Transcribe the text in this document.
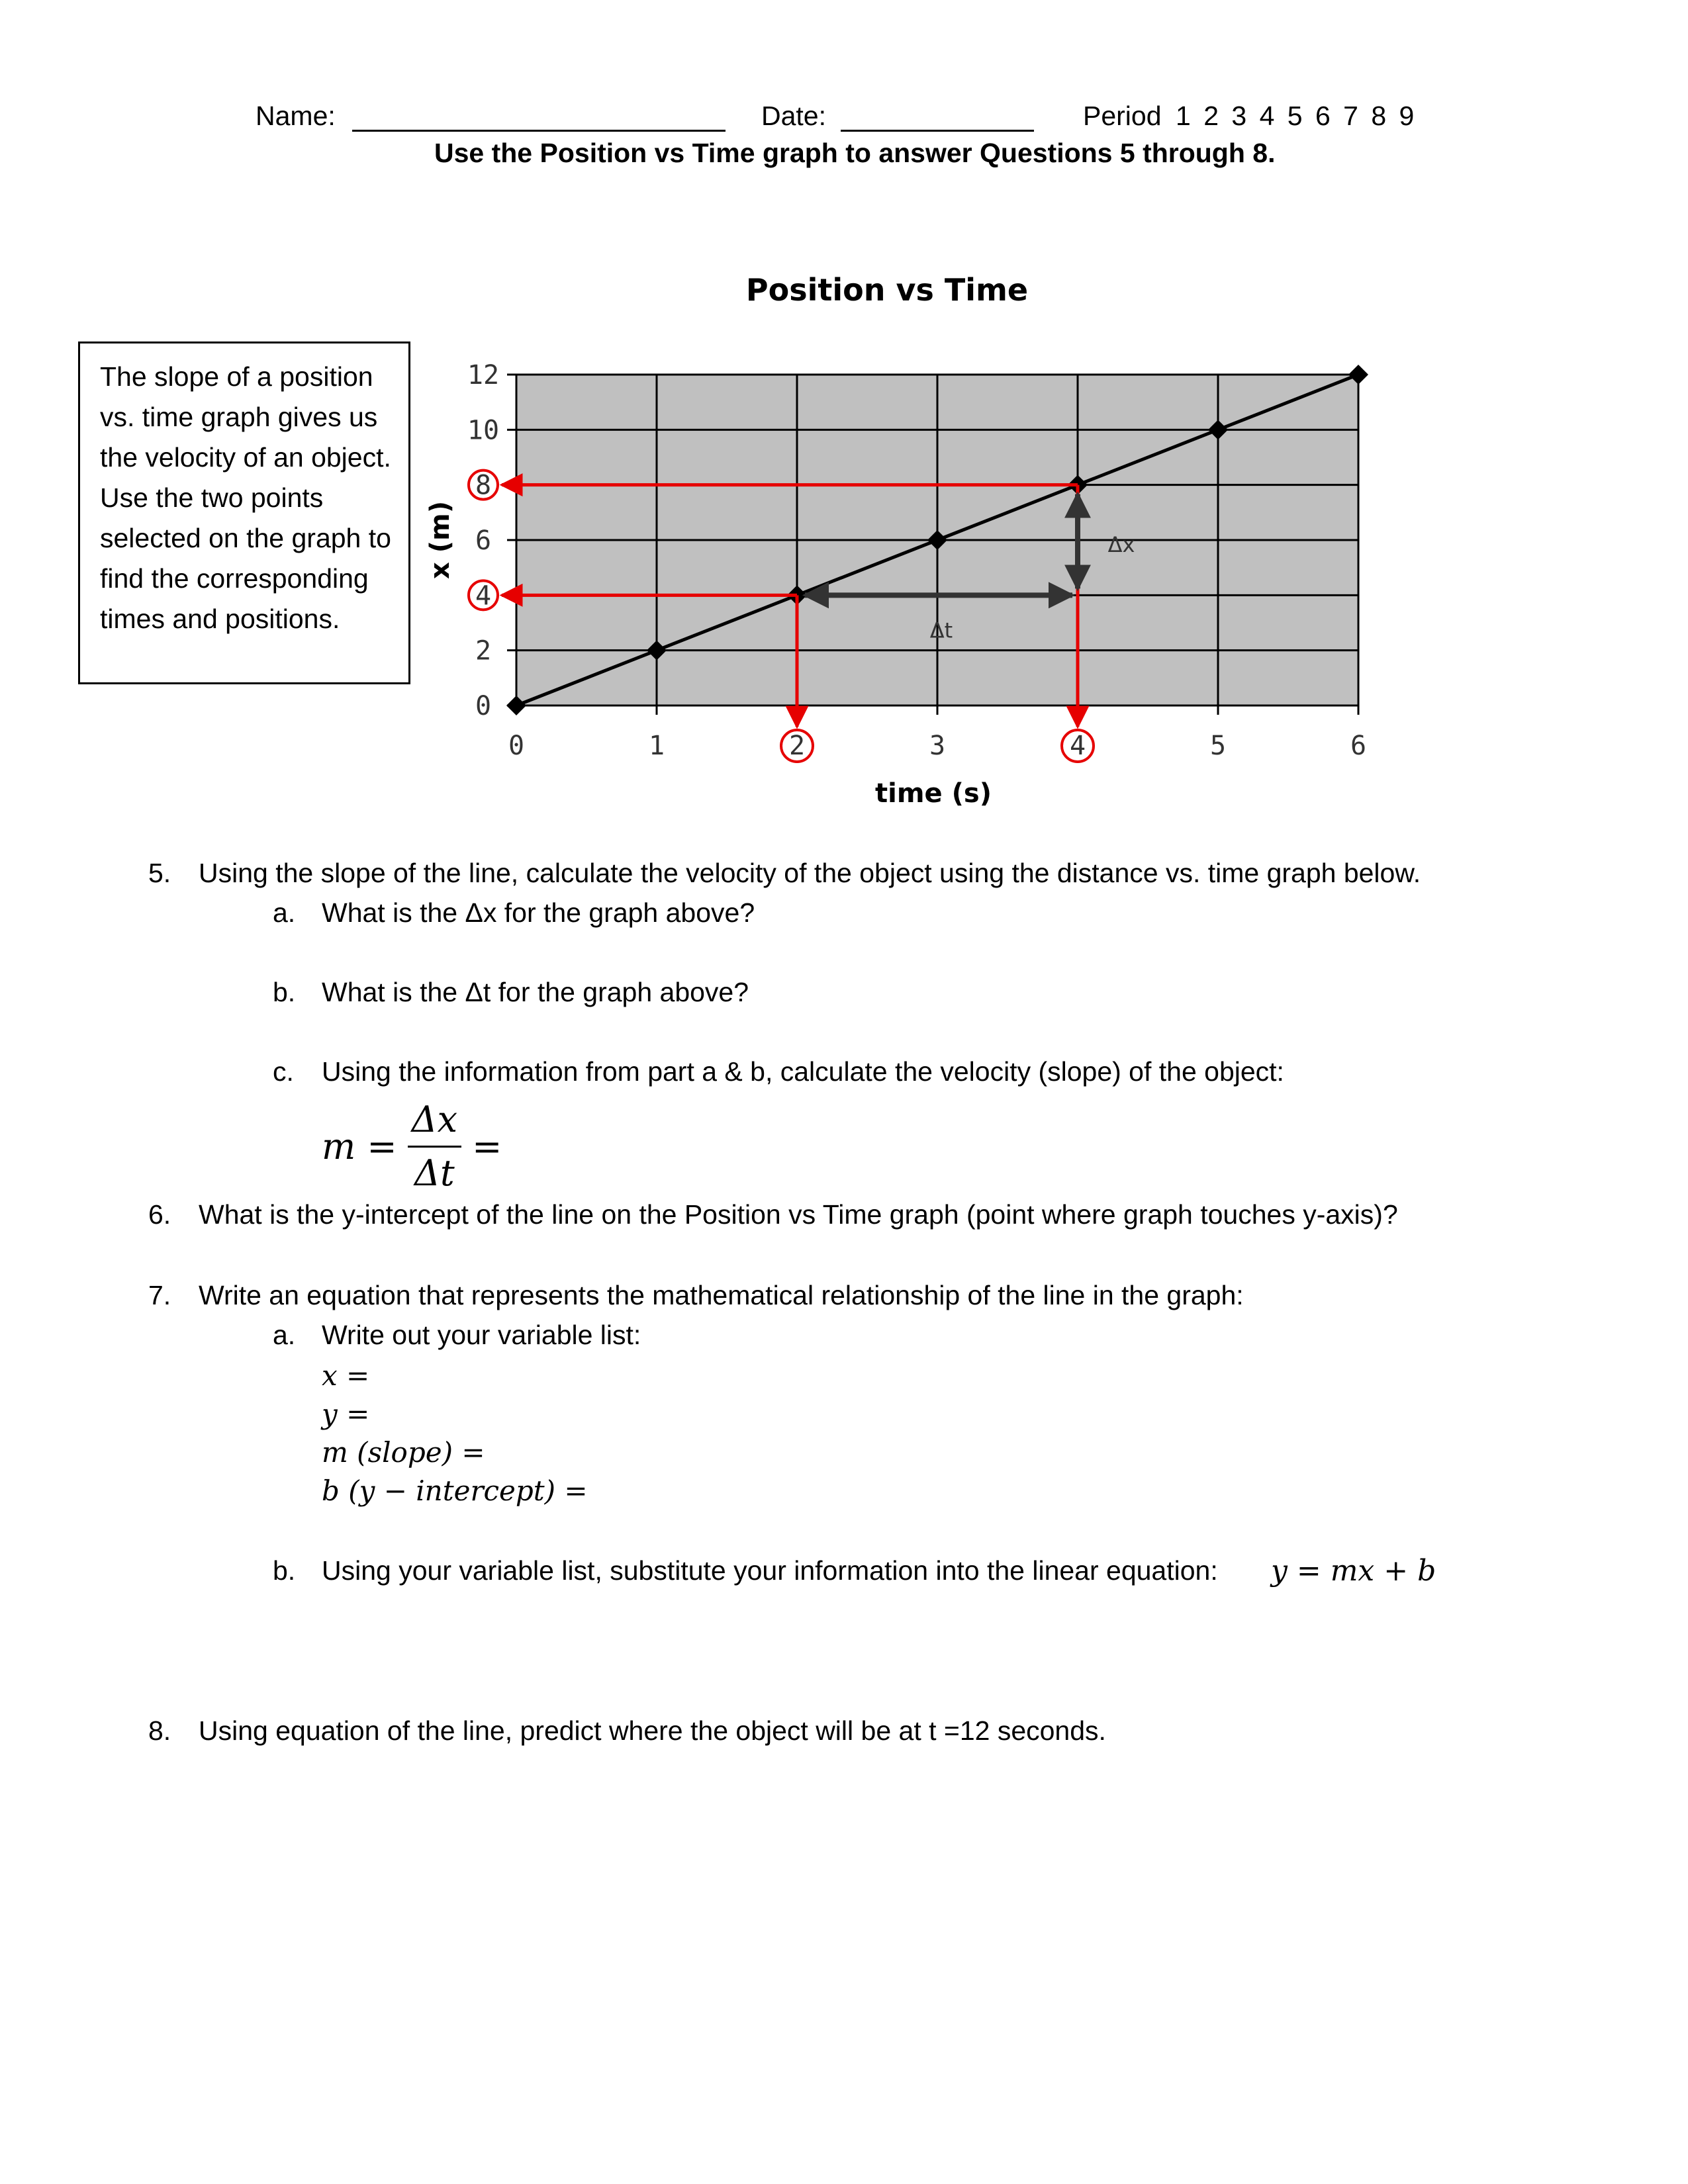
Name:	Date:	Period 1 2 3 4 5 6 7 8 9
Use the Position vs Time graph to answer Questions 5 through 8.
The slope of a position vs. time graph gives us the velocity of an object. Use the two points selected on the graph to find the corresponding times and positions.
Position vs Time
0	1	2	3	4	5	6
0
2
4
6
8
10
12
time (s)
x (m)
Δt
Δx
5. Using the slope of the line, calculate the velocity of the object using the distance vs. time graph below.
a. What is the Δx for the graph above?
b. What is the Δt for the graph above?
c. Using the information from part a & b, calculate the velocity (slope) of the object:
$m = \frac{\Delta x}{\Delta t}$ =
6. What is the y-intercept of the line on the Position vs Time graph (point where graph touches y-axis)?
7. Write an equation that represents the mathematical relationship of the line in the graph:
a. Write out your variable list:
x =
y =
m (slope) =
b (y − intercept) =
b. Using your variable list, substitute your information into the linear equation: y = mx + b
8. Using equation of the line, predict where the object will be at t =12 seconds.
